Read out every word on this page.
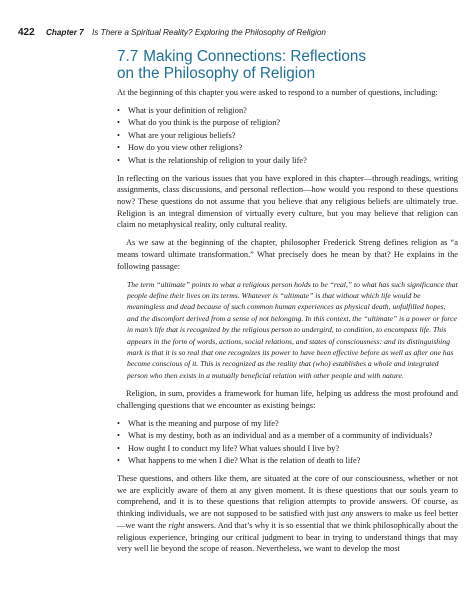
422 Chapter 7 Is There a Spiritual Reality? Exploring the Philosophy of Religion
7.7 Making Connections: Reflections
on the Philosophy of Religion

At the beginning of this chapter you were asked to respond to a number of questions, including:

• What is your definition of religion?
• What do you think is the purpose of religion?
• What are your religious beliefs?
• How do you view other religions?
• What is the relationship of religion to your daily life?

In reflecting on the various issues that you have explored in this chapter—through readings, writing assignments, class discussions, and personal reflection—how would you respond to these questions now? These questions do not assume that you believe that any religious beliefs are ultimately true. Religion is an integral dimension of virtually every culture, but you may believe that religion can claim no metaphysical reality, only cultural reality.

As we saw at the beginning of the chapter, philosopher Frederick Streng defines religion as “a means toward ultimate transformation.” What precisely does he mean by that? He explains in the following passage:

The term “ultimate” points to what a religious person holds to be “real,” to what has such significance that people define their lives on its terms. Whatever is “ultimate” is that without which life would be meaningless and dead because of such common human experiences as physical death, unfulfilled hopes, and the discomfort derived from a sense of not belonging. In this context, the “ultimate” is a power or force in man’s life that is recognized by the religious person to undergird, to condition, to encompass life. This appears in the form of words, actions, social relations, and states of consciousness: and its distinguishing mark is that it is so real that one recognizes its power to have been effective before as well as after one has become conscious of it. This is recognized as the reality that (who) establishes a whole and integrated person who then exists in a mutually beneficial relation with other people and with nature.

Religion, in sum, provides a framework for human life, helping us address the most profound and challenging questions that we encounter as existing beings:

• What is the meaning and purpose of my life?
• What is my destiny, both as an individual and as a member of a community of individuals?
• How ought I to conduct my life? What values should I live by?
• What happens to me when I die? What is the relation of death to life?

These questions, and others like them, are situated at the core of our consciousness, whether or not we are explicitly aware of them at any given moment. It is these questions that our souls yearn to comprehend, and it is to these questions that religion attempts to provide answers. Of course, as thinking individuals, we are not supposed to be satisfied with just any answers to make us feel better—we want the right answers. And that’s why it is so essential that we think philosophically about the religious experience, bringing our critical judgment to bear in trying to understand things that may very well lie beyond the scope of reason. Nevertheless, we want to develop the most
